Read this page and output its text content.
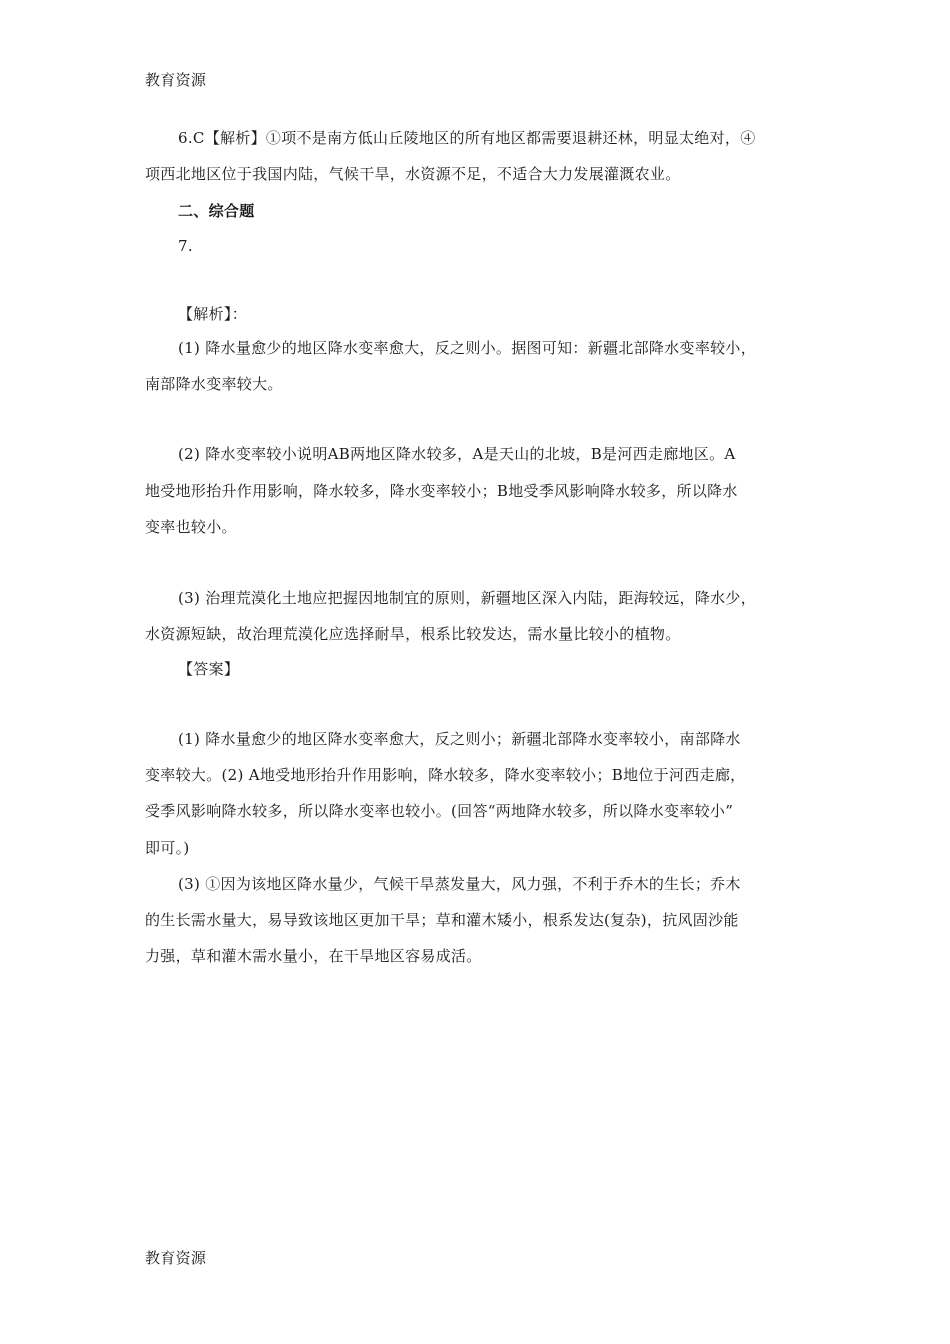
教育资源
6.C【解析】①项不是南方低山丘陵地区的所有地区都需要退耕还林，明显太绝对，④
项西北地区位于我国内陆，气候干旱，水资源不足，不适合大力发展灌溉农业。
二、综合题
7.
【解析】：
(1) 降水量愈少的地区降水变率愈大，反之则小。据图可知：新疆北部降水变率较小，
南部降水变率较大。
(2) 降水变率较小说明AB两地区降水较多，A是天山的北坡，B是河西走廊地区。A
地受地形抬升作用影响，降水较多，降水变率较小；B地受季风影响降水较多，所以降水
变率也较小。
(3) 治理荒漠化土地应把握因地制宜的原则，新疆地区深入内陆，距海较远，降水少，
水资源短缺，故治理荒漠化应选择耐旱，根系比较发达，需水量比较小的植物。
【答案】
(1) 降水量愈少的地区降水变率愈大，反之则小；新疆北部降水变率较小，南部降水
变率较大。(2) A地受地形抬升作用影响，降水较多，降水变率较小；B地位于河西走廊，
受季风影响降水较多，所以降水变率也较小。(回答“两地降水较多，所以降水变率较小”
即可。)
(3) ①因为该地区降水量少，气候干旱蒸发量大，风力强，不利于乔木的生长；乔木
的生长需水量大，易导致该地区更加干旱；草和灌木矮小，根系发达(复杂)，抗风固沙能
力强，草和灌木需水量小，在干旱地区容易成活。
教育资源
